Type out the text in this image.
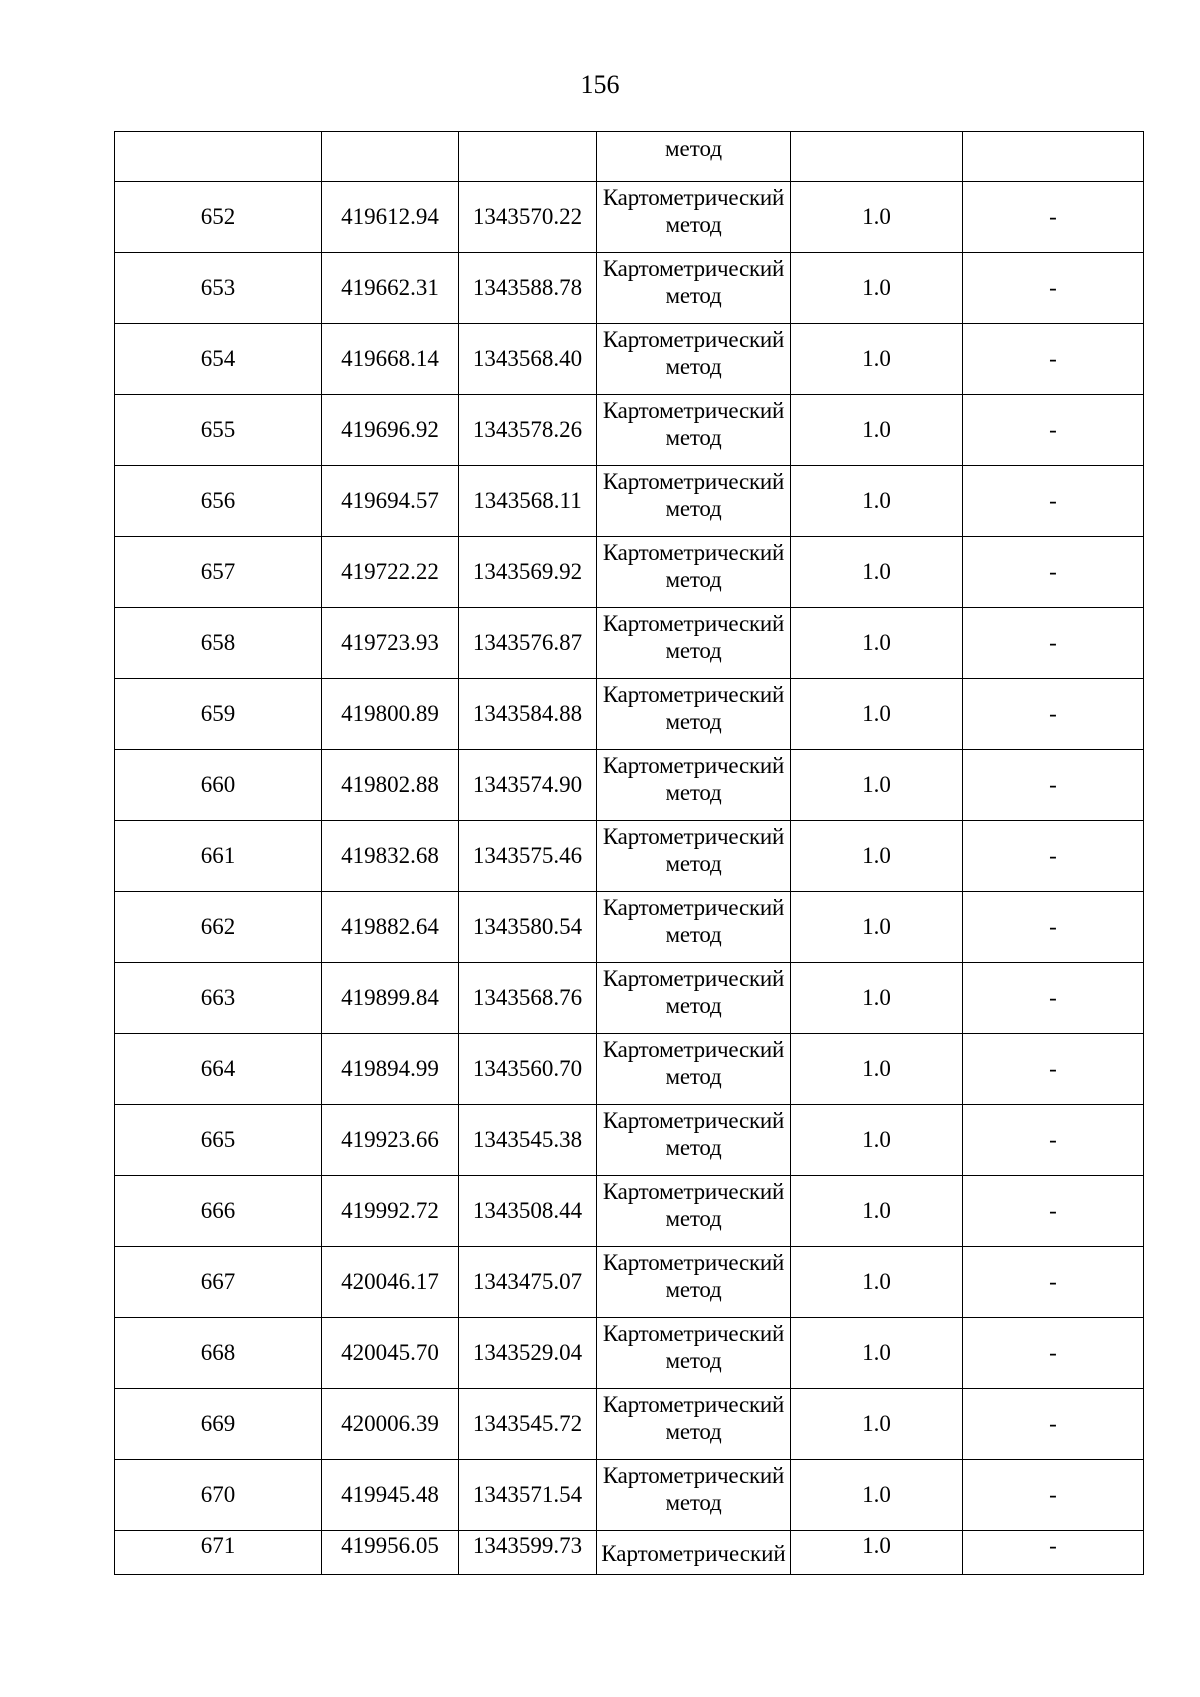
156
			метод		
652	419612.94	1343570.22	Картометрический
метод	1.0	-
653	419662.31	1343588.78	Картометрический
метод	1.0	-
654	419668.14	1343568.40	Картометрический
метод	1.0	-
655	419696.92	1343578.26	Картометрический
метод	1.0	-
656	419694.57	1343568.11	Картометрический
метод	1.0	-
657	419722.22	1343569.92	Картометрический
метод	1.0	-
658	419723.93	1343576.87	Картометрический
метод	1.0	-
659	419800.89	1343584.88	Картометрический
метод	1.0	-
660	419802.88	1343574.90	Картометрический
метод	1.0	-
661	419832.68	1343575.46	Картометрический
метод	1.0	-
662	419882.64	1343580.54	Картометрический
метод	1.0	-
663	419899.84	1343568.76	Картометрический
метод	1.0	-
664	419894.99	1343560.70	Картометрический
метод	1.0	-
665	419923.66	1343545.38	Картометрический
метод	1.0	-
666	419992.72	1343508.44	Картометрический
метод	1.0	-
667	420046.17	1343475.07	Картометрический
метод	1.0	-
668	420045.70	1343529.04	Картометрический
метод	1.0	-
669	420006.39	1343545.72	Картометрический
метод	1.0	-
670	419945.48	1343571.54	Картометрический
метод	1.0	-
671	419956.05	1343599.73	Картометрический	1.0	-
